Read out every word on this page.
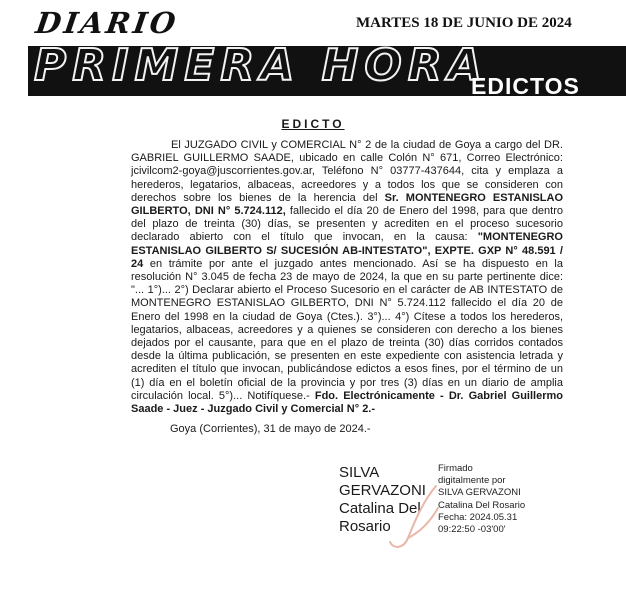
DIARIO	MARTES 18 DE JUNIO DE 2024
PRIMERA HORA
EDICTOS
EDICTO

El JUZGADO CIVIL y COMERCIAL N° 2 de la ciudad de Goya a cargo del DR. GABRIEL GUILLERMO SAADE, ubicado en calle Colón N° 671, Correo Electrónico: jcivilcom2-goya@juscorrientes.gov.ar, Teléfono N° 03777-437644, cita y emplaza a herederos, legatarios, albaceas, acreedores y a todos los que se consideren con derechos sobre los bienes de la herencia del Sr. MONTENEGRO ESTANISLAO GILBERTO, DNI N° 5.724.112, fallecido el día 20 de Enero del 1998, para que dentro del plazo de treinta (30) días, se presenten y acrediten en el proceso sucesorio declarado abierto con el título que invocan, en la causa: "MONTENEGRO ESTANISLAO GILBERTO S/ SUCESIÓN AB-INTESTATO", EXPTE. GXP N° 48.591 / 24 en trámite por ante el juzgado antes mencionado. Así se ha dispuesto en la resolución N° 3.045 de fecha 23 de mayo de 2024, la que en su parte pertinente dice: "... 1°)... 2°) Declarar abierto el Proceso Sucesorio en el carácter de AB INTESTATO de MONTENEGRO ESTANISLAO GILBERTO, DNI N° 5.724.112 fallecido el día 20 de Enero del 1998 en la ciudad de Goya (Ctes.). 3°)... 4°) Cítese a todos los herederos, legatarios, albaceas, acreedores y a quienes se consideren con derecho a los bienes dejados por el causante, para que en el plazo de treinta (30) días corridos contados desde la última publicación, se presenten en este expediente con asistencia letrada y acrediten el título que invocan, publicándose edictos a esos fines, por el término de un (1) día en el boletín oficial de la provincia y por tres (3) días en un diario de amplia circulación local. 5°)... Notifíquese.- Fdo. Electrónicamente - Dr. Gabriel Guillermo Saade - Juez - Juzgado Civil y Comercial N° 2.-

Goya (Corrientes), 31 de mayo de 2024.-
SILVA
GERVAZONI
Catalina Del
Rosario
Firmado
digitalmente por
SILVA GERVAZONI
Catalina Del Rosario
Fecha: 2024.05.31
09:22:50 -03'00'
